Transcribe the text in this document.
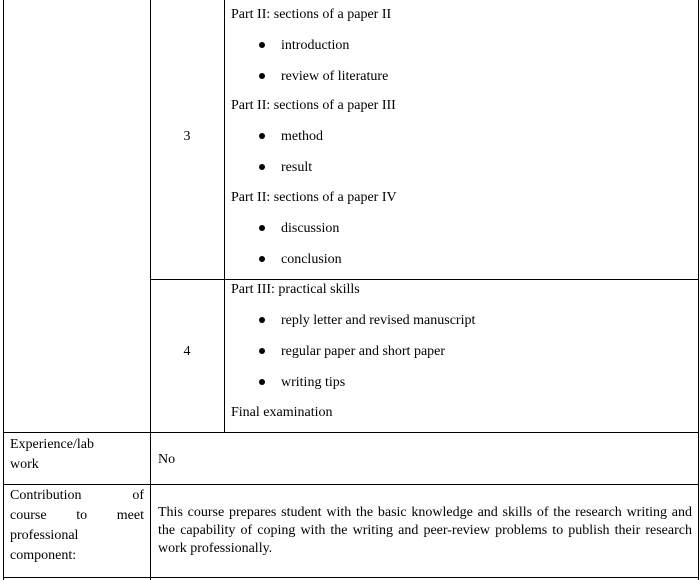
3
Part II: sections of a paper II
introduction
review of literature
Part II: sections of a paper III
method
result
Part II: sections of a paper IV
discussion
conclusion
4
Part III: practical skills
reply letter and revised manuscript
regular paper and short paper
writing tips
Final examination
Experience/lab
work	No
Contribution	of
course to meet
professional
component:
This course prepares student with the basic knowledge and skills of the research writing and the capability of coping with the writing and peer-review problems to publish their research work professionally.
